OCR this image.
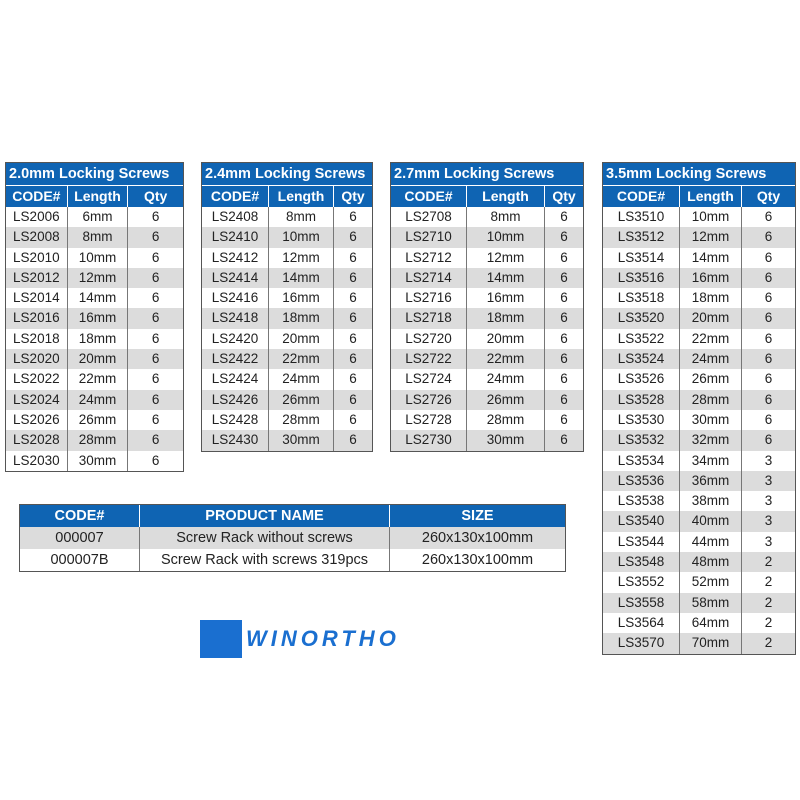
2.0mm Locking Screws
CODE# Length	Qty
LS2006	6mm	6
LS2008	8mm	6
LS2010	10mm	6
LS2012	12mm	6
LS2014	14mm	6
LS2016	16mm	6
LS2018	18mm	6
LS2020	20mm	6
LS2022	22mm	6
LS2024	24mm	6
LS2026	26mm	6
LS2028	28mm	6
LS2030	30mm	6
2.4mm Locking Screws
CODE#	Length	Qty
LS2408	8mm	6
LS2410	10mm	6
LS2412	12mm	6
LS2414	14mm	6
LS2416	16mm	6
LS2418	18mm	6
LS2420	20mm	6
LS2422	22mm	6
LS2424	24mm	6
LS2426	26mm	6
LS2428	28mm	6
LS2430	30mm	6
2.7mm Locking Screws
CODE#	Length	Qty
LS2708	8mm	6
LS2710	10mm	6
LS2712	12mm	6
LS2714	14mm	6
LS2716	16mm	6
LS2718	18mm	6
LS2720	20mm	6
LS2722	22mm	6
LS2724	24mm	6
LS2726	26mm	6
LS2728	28mm	6
LS2730	30mm	6
3.5mm Locking Screws
CODE#	Length	Qty
LS3510	10mm	6
LS3512	12mm	6
LS3514	14mm	6
LS3516	16mm	6
LS3518	18mm	6
LS3520	20mm	6
LS3522	22mm	6
LS3524	24mm	6
LS3526	26mm	6
LS3528	28mm	6
LS3530	30mm	6
LS3532	32mm	6
LS3534	34mm	3
LS3536	36mm	3
LS3538	38mm	3
LS3540	40mm	3
LS3544	44mm	3
LS3548	48mm	2
LS3552	52mm	2
LS3558	58mm	2
LS3564	64mm	2
LS3570	70mm	2
CODE#	PRODUCT NAME	SIZE
000007	Screw Rack without screws	260x130x100mm
000007B	Screw Rack with screws 319pcs	260x130x100mm
WINORTHO
